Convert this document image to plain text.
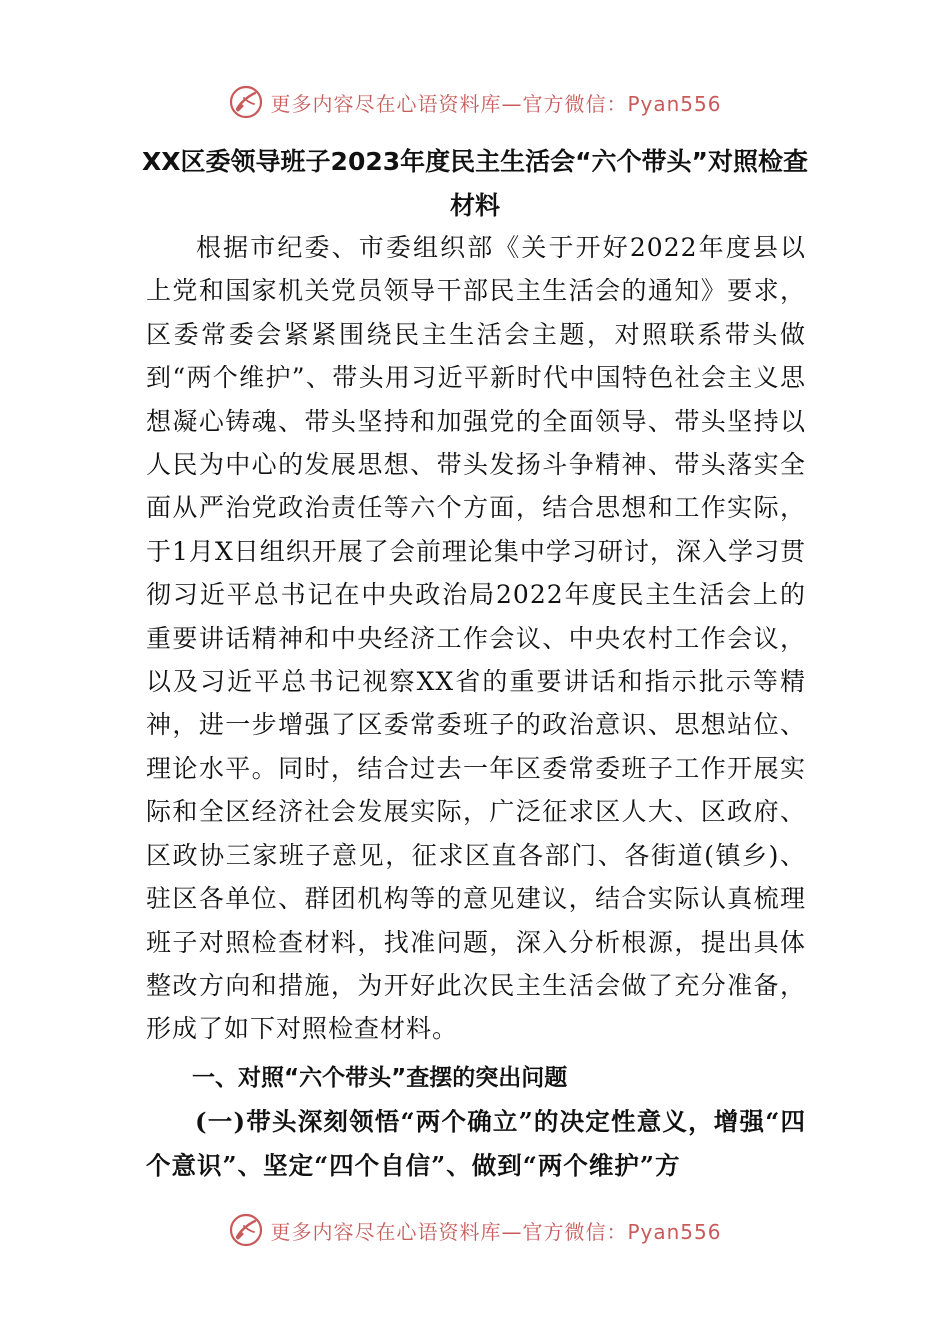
更多内容尽在心语资料库—官方微信：Pyan556
XX区委领导班子2023年度民主生活会“六个带头”对照检查材料

根据市纪委、市委组织部《关于开好2022年度县以上党和国家机关党员领导干部民主生活会的通知》要求，区委常委会紧紧围绕民主生活会主题，对照联系带头做到“两个维护”、带头用习近平新时代中国特色社会主义思想凝心铸魂、带头坚持和加强党的全面领导、带头坚持以人民为中心的发展思想、带头发扬斗争精神、带头落实全面从严治党政治责任等六个方面，结合思想和工作实际，于1月X日组织开展了会前理论集中学习研讨，深入学习贯彻习近平总书记在中央政治局2022年度民主生活会上的重要讲话精神和中央经济工作会议、中央农村工作会议，以及习近平总书记视察XX省的重要讲话和指示批示等精神，进一步增强了区委常委班子的政治意识、思想站位、理论水平。同时，结合过去一年区委常委班子工作开展实际和全区经济社会发展实际，广泛征求区人大、区政府、区政协三家班子意见，征求区直各部门、各街道(镇乡)、驻区各单位、群团机构等的意见建议，结合实际认真梳理班子对照检查材料，找准问题，深入分析根源，提出具体整改方向和措施，为开好此次民主生活会做了充分准备，形成了如下对照检查材料。

一、对照“六个带头”查摆的突出问题

(一)带头深刻领悟“两个确立”的决定性意义，增强“四个意识”、坚定“四个自信”、做到“两个维护”方

更多内容尽在心语资料库—官方微信：Pyan556
